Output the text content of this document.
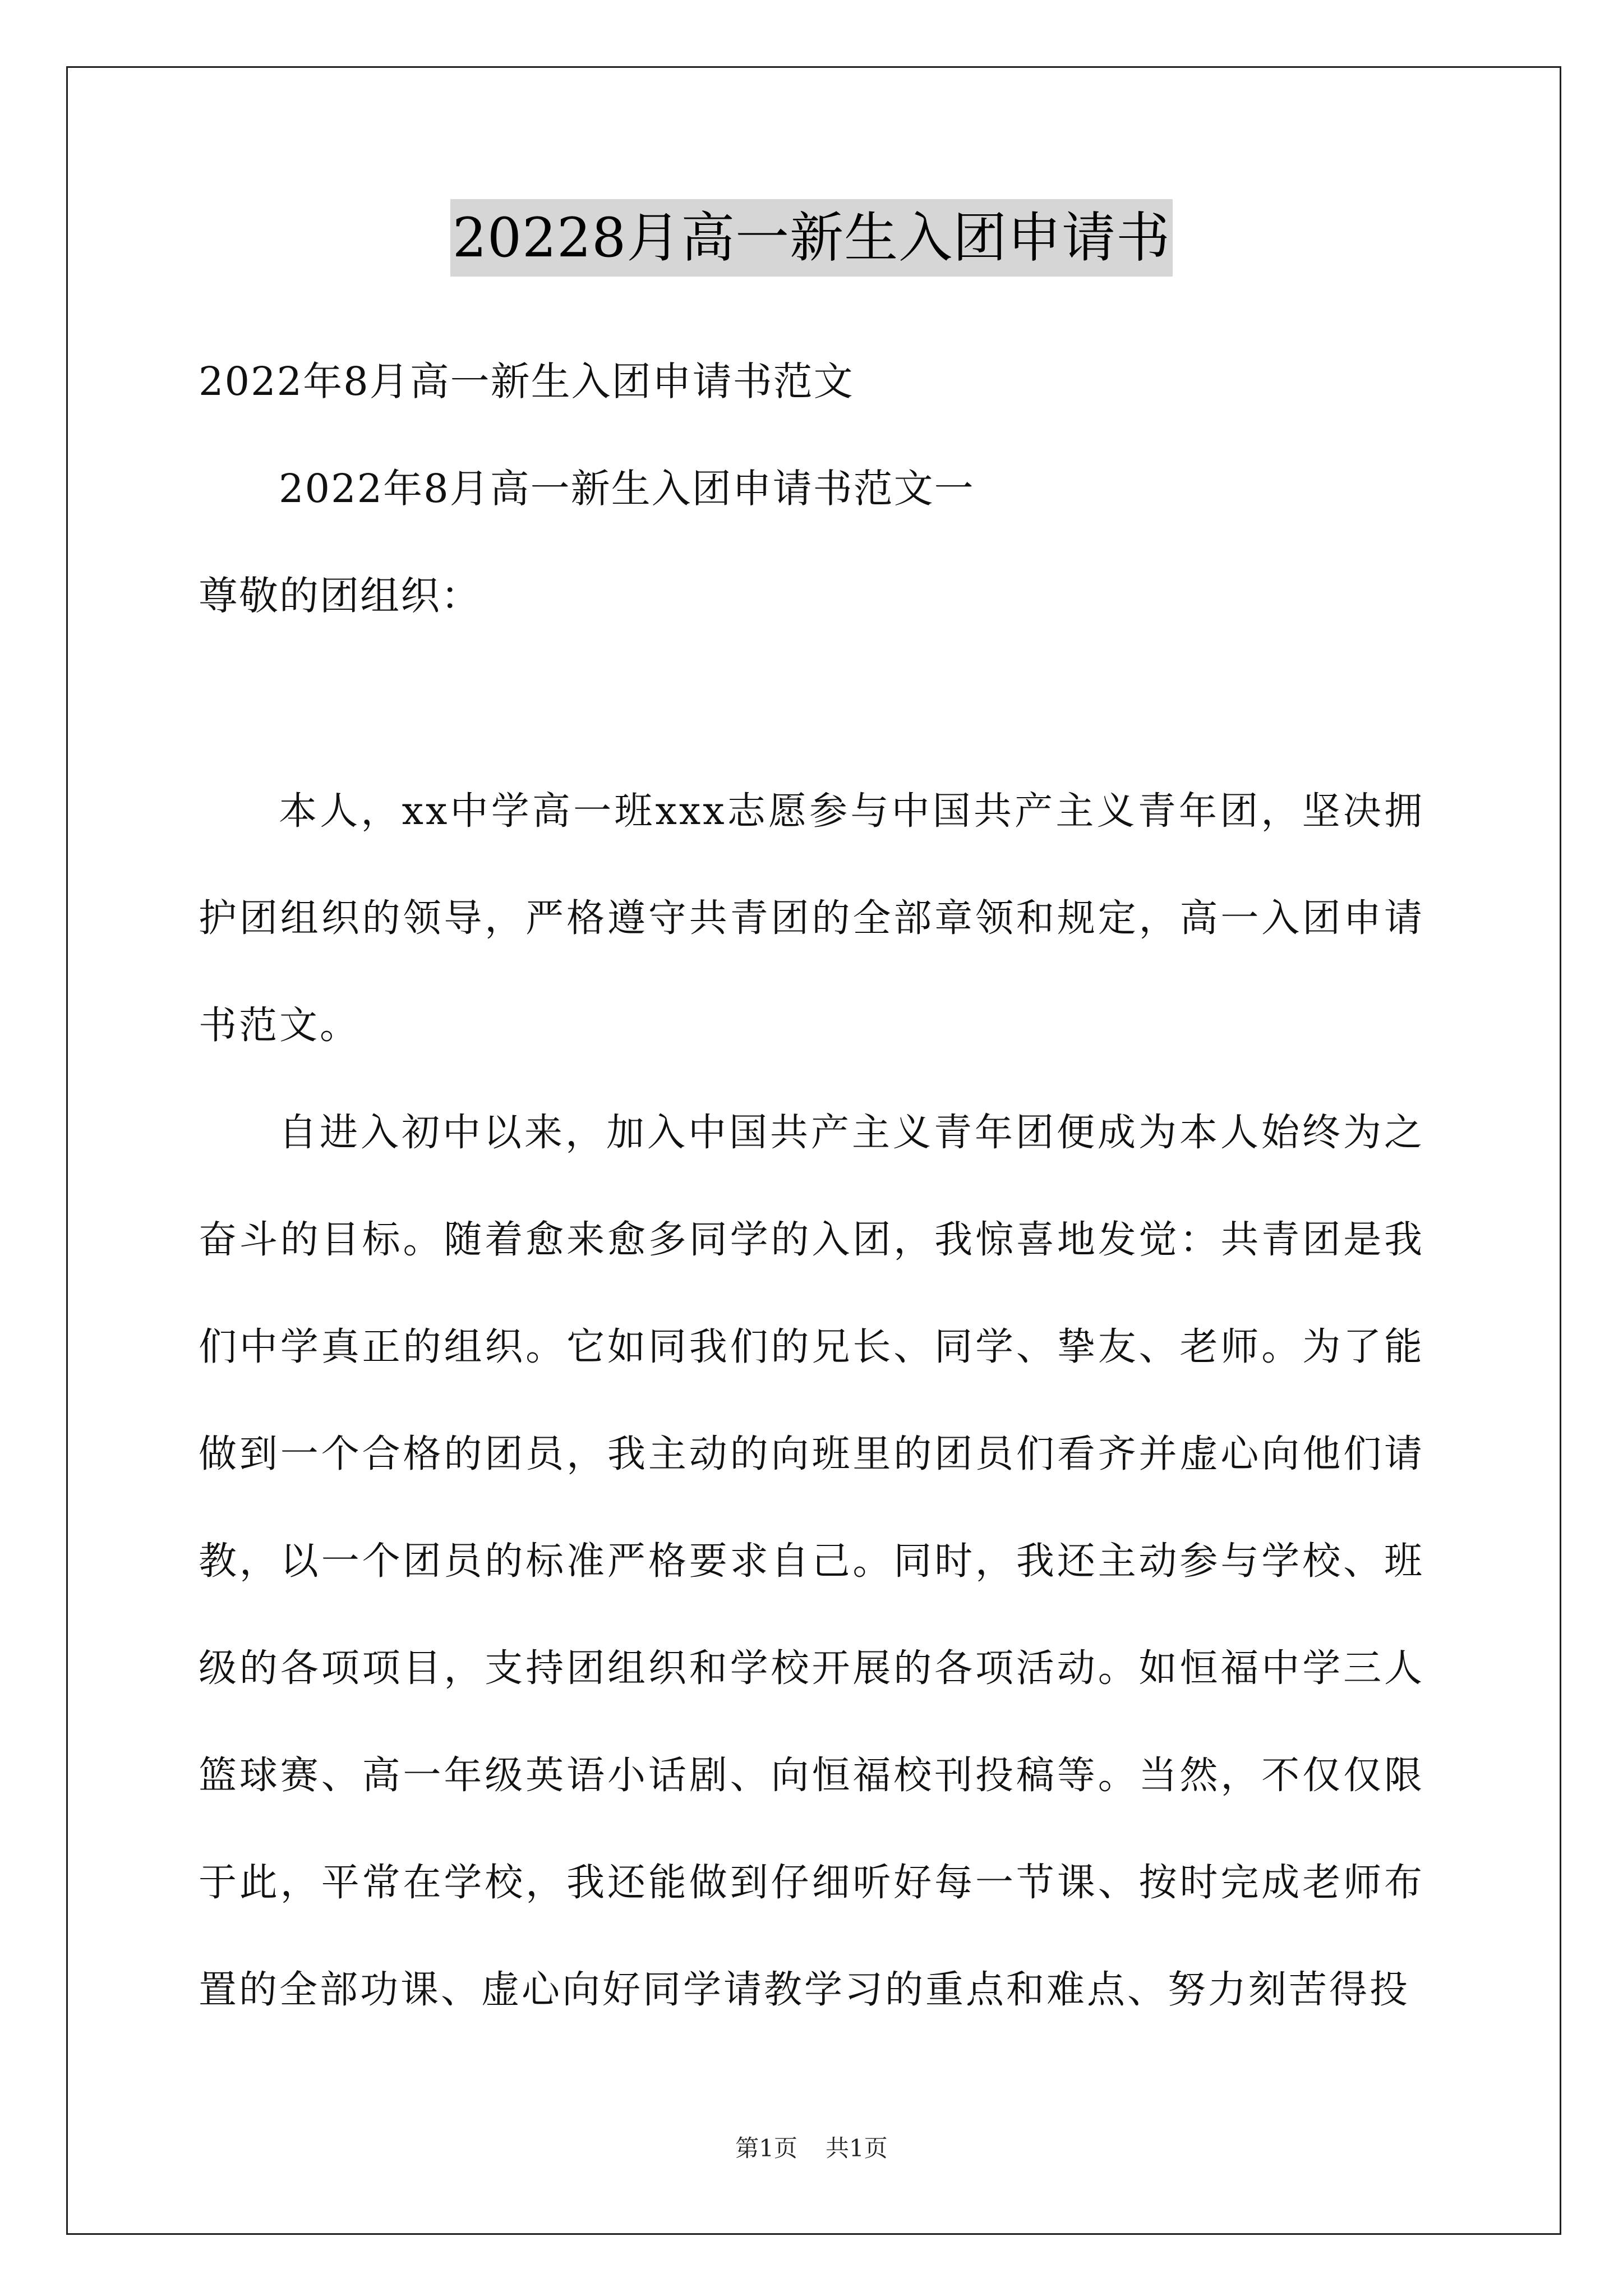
20228月高一新生入团申请书

2022年8月高一新生入团申请书范文

2022年8月高一新生入团申请书范文一

尊敬的团组织：

本人，xx中学高一班xxx志愿参与中国共产主义青年团，坚决拥护团组织的领导，严格遵守共青团的全部章领和规定，高一入团申请书范文。

自进入初中以来，加入中国共产主义青年团便成为本人始终为之奋斗的目标。随着愈来愈多同学的入团，我惊喜地发觉：共青团是我们中学真正的组织。它如同我们的兄长、同学、挚友、老师。为了能做到一个合格的团员，我主动的向班里的团员们看齐并虚心向他们请教，以一个团员的标准严格要求自己。同时，我还主动参与学校、班级的各项项目，支持团组织和学校开展的各项活动。如恒福中学三人篮球赛、高一年级英语小话剧、向恒福校刊投稿等。当然，不仅仅限于此，平常在学校，我还能做到仔细听好每一节课、按时完成老师布置的全部功课、虚心向好同学请教学习的重点和难点、努力刻苦得投

第1页 共1页
